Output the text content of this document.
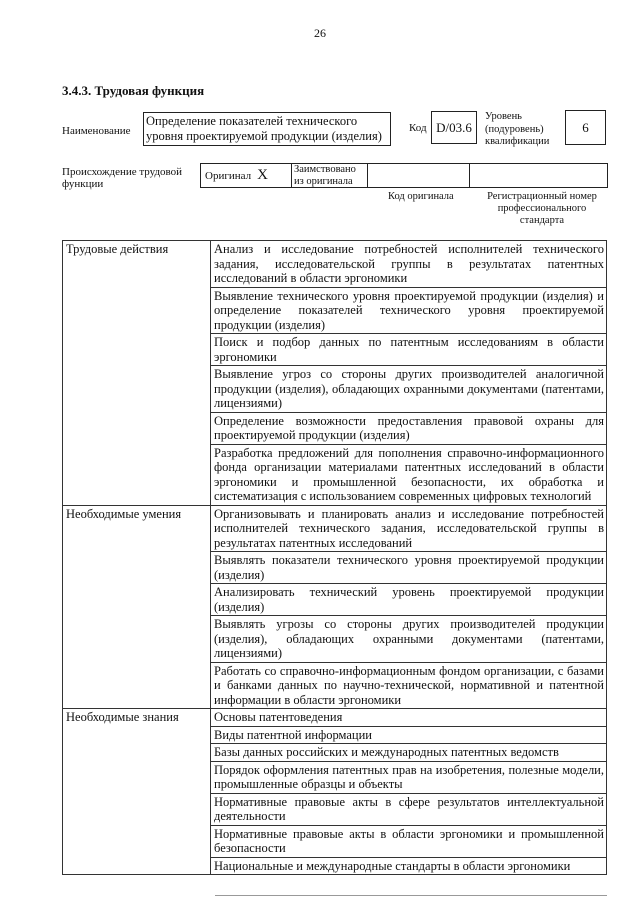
26
3.4.3. Трудовая функция
Наименование
Определение показателей технического уровня проектируемой продукции (изделия)
Код D/03.6
Уровень (подуровень) квалификации
6
Происхождение трудовой функции
Оригинал X Заимствовано из оригинала
Код оригинала	Регистрационный номер профессионального стандарта
Трудовые действия	Анализ и исследование потребностей исполнителей технического задания, исследовательской группы в результатах патентных исследований в области эргономики
	Выявление технического уровня проектируемой продукции (изделия) и определение показателей технического уровня проектируемой продукции (изделия)
	Поиск и подбор данных по патентным исследованиям в области эргономики
	Выявление угроз со стороны других производителей аналогичной продукции (изделия), обладающих охранными документами (патентами, лицензиями)
	Определение возможности предоставления правовой охраны для проектируемой продукции (изделия)
	Разработка предложений для пополнения справочно-информационного фонда организации материалами патентных исследований в области эргономики и промышленной безопасности, их обработка и систематизация с использованием современных цифровых технологий
Необходимые умения	Организовывать и планировать анализ и исследование потребностей исполнителей технического задания, исследовательской группы в результатах патентных исследований
	Выявлять показатели технического уровня проектируемой продукции (изделия)
	Анализировать технический уровень проектируемой продукции (изделия)
	Выявлять угрозы со стороны других производителей продукции (изделия), обладающих охранными документами (патентами, лицензиями)
	Работать со справочно-информационным фондом организации, с базами и банками данных по научно-технической, нормативной и патентной информации в области эргономики
Необходимые знания	Основы патентоведения
	Виды патентной информации
	Базы данных российских и международных патентных ведомств
	Порядок оформления патентных прав на изобретения, полезные модели, промышленные образцы и объекты
	Нормативные правовые акты в сфере результатов интеллектуальной деятельности
	Нормативные правовые акты в области эргономики и промышленной безопасности
	Национальные и международные стандарты в области эргономики
